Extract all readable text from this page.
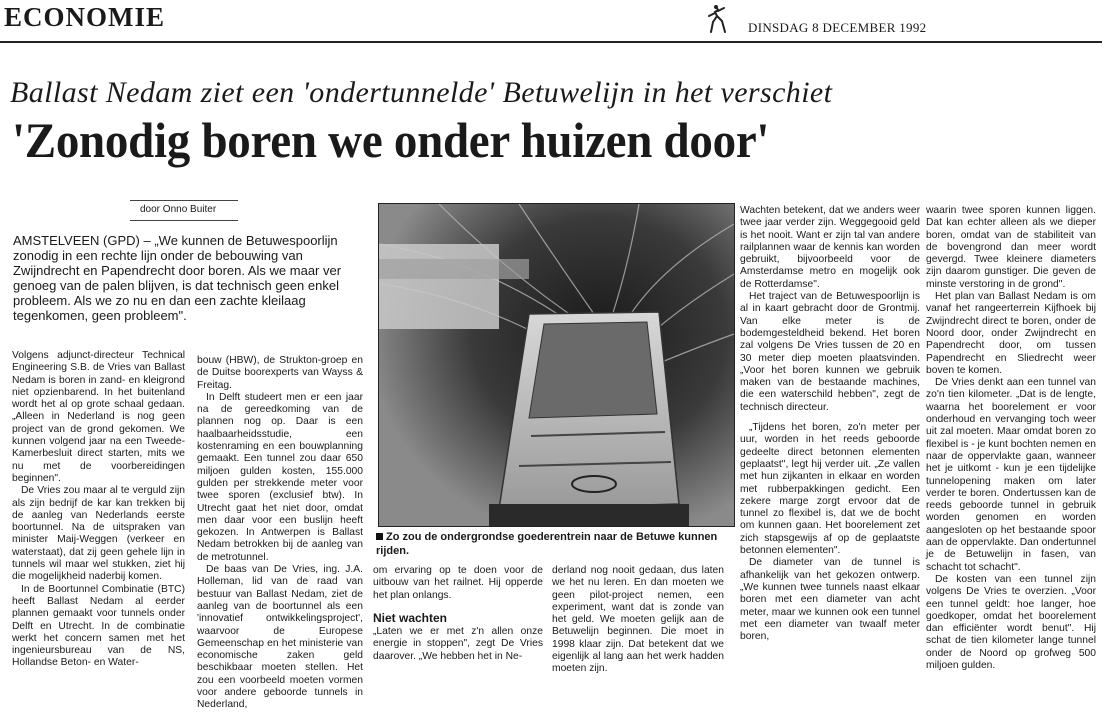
ECONOMIE	DINSDAG 8 DECEMBER 1992
Ballast Nedam ziet een 'ondertunnelde' Betuwelijn in het verschiet
'Zonodig boren we onder huizen door'
door Onno Buiter
AMSTELVEEN (GPD) – „We kunnen de Betuwespoorlijn zonodig in een rechte lijn onder de bebouwing van Zwijndrecht en Papendrecht door boren. Als we maar ver genoeg van de palen blijven, is dat technisch geen enkel probleem. Als we zo nu en dan een zachte kleilaag tegenkomen, geen probleem".

Volgens adjunct-directeur Technical Engineering S.B. de Vries van Ballast Nedam is boren in zand- en kleigrond niet opzienbarend. In het buitenland wordt het al op grote schaal gedaan. „Alleen in Nederland is nog geen project van de grond gekomen. We kunnen volgend jaar na een Tweede-Kamerbesluit direct starten, mits we nu met de voorbereidingen beginnen".

De Vries zou maar al te verguld zijn als zijn bedrijf de kar kan trekken bij de aanleg van Nederlands eerste boortunnel. Na de uitspraken van minister Maij-Weggen (verkeer en waterstaat), dat zij geen gehele lijn in tunnels wil maar wel stukken, ziet hij die mogelijkheid naderbij komen.

In de Boortunnel Combinatie (BTC) heeft Ballast Nedam al eerder plannen gemaakt voor tunnels onder Delft en Utrecht. In de combinatie werkt het concern samen met het ingenieursbureau van de NS, Hollandse Beton- en Water-

bouw (HBW), de Strukton-groep en de Duitse boorexperts van Wayss & Freitag.

In Delft studeert men er een jaar na de gereedkoming van de plannen nog op. Daar is een haalbaarheidsstudie, een kostenraming en een bouwplanning gemaakt. Een tunnel zou daar 650 miljoen gulden kosten, 155.000 gulden per strekkende meter voor twee sporen (exclusief btw). In Utrecht gaat het niet door, omdat men daar voor een buslijn heeft gekozen. In Antwerpen is Ballast Nedam betrokken bij de aanleg van de metrotunnel.

De baas van De Vries, ing. J.A. Holleman, lid van de raad van bestuur van Ballast Nedam, ziet de aanleg van de boortunnel als een 'innovatief ontwikkelingsproject', waarvoor de Europese Gemeenschap en het ministerie van economische zaken geld beschikbaar moeten stellen. Het zou een voorbeeld moeten vormen voor andere geboorde tunnels in Nederland,

Zo zou de ondergrondse goederentrein naar de Betuwe kunnen rijden.

om ervaring op te doen voor de uitbouw van het railnet. Hij opperde het plan onlangs.

Niet wachten

„Laten we er met z'n allen onze energie in stoppen", zegt De Vries daarover. „We hebben het in Ne-

derland nog nooit gedaan, dus laten we het nu leren. En dan moeten we geen pilot-project nemen, een experiment, want dat is zonde van het geld. We moeten gelijk aan de Betuwelijn beginnen. Die moet in 1998 klaar zijn. Dat betekent dat we eigenlijk al lang aan het werk hadden moeten zijn.

Wachten betekent, dat we anders weer twee jaar verder zijn. Weggegooid geld is het nooit. Want er zijn tal van andere railplannen waar de kennis kan worden gebruikt, bijvoorbeeld voor de Amsterdamse metro en mogelijk ook de Rotterdamse".

Het traject van de Betuwespoorlijn is al in kaart gebracht door de Grontmij. Van elke meter is de bodemgesteldheid bekend. Het boren zal volgens De Vries tussen de 20 en 30 meter diep moeten plaatsvinden. „Voor het boren kunnen we gebruik maken van de bestaande machines, die een waterschild hebben", zegt de technisch directeur.

„Tijdens het boren, zo'n meter per uur, worden in het reeds geboorde gedeelte direct betonnen elementen geplaatst", legt hij verder uit. „Ze vallen met hun zijkanten in elkaar en worden met rubberpakkingen gedicht. Een zekere marge zorgt ervoor dat de tunnel zo flexibel is, dat we de bocht om kunnen gaan. Het boorelement zet zich stapsgewijs af op de geplaatste betonnen elementen".

De diameter van de tunnel is afhankelijk van het gekozen ontwerp. „We kunnen twee tunnels naast elkaar boren met een diameter van acht meter, maar we kunnen ook een tunnel met een diameter van twaalf meter boren,

waarin twee sporen kunnen liggen. Dat kan echter alleen als we dieper boren, omdat van de stabiliteit van de bovengrond dan meer wordt gevergd. Twee kleinere diameters zijn daarom gunstiger. Die geven de minste verstoring in de grond".

Het plan van Ballast Nedam is om vanaf het rangeerterrein Kijfhoek bij Zwijndrecht direct te boren, onder de Noord door, onder Zwijndrecht en Papendrecht door, om tussen Papendrecht en Sliedrecht weer boven te komen.

De Vries denkt aan een tunnel van zo'n tien kilometer. „Dat is de lengte, waarna het boorelement er voor onderhoud en vervanging toch weer uit zal moeten. Maar omdat boren zo flexibel is - je kunt bochten nemen en naar de oppervlakte gaan, wanneer het je uitkomt - kun je een tijdelijke tunnelopening maken om later verder te boren. Ondertussen kan de reeds geboorde tunnel in gebruik worden genomen en worden aangesloten op het bestaande spoor aan de oppervlakte. Dan ondertunnel je de Betuwelijn in fasen, van schacht tot schacht".

De kosten van een tunnel zijn volgens De Vries te overzien. „Voor een tunnel geldt: hoe langer, hoe goedkoper, omdat het boorelement dan efficiënter wordt benut". Hij schat de tien kilometer lange tunnel onder de Noord op grofweg 500 miljoen gulden.
